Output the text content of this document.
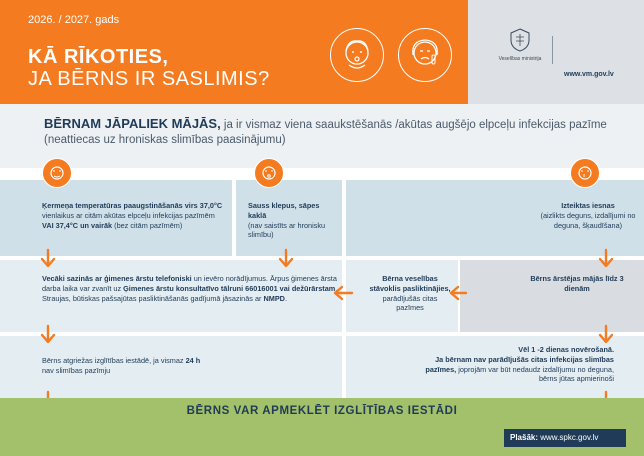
2026. / 2027. gads
KĀ RĪKOTIES,
JA BĒRNS IR SASLIMIS?
Veselības ministrija
www.vm.gov.lv
BĒRNAM JĀPALIEK MĀJĀS, ja ir vismaz viena saaukstēšanās /akūtas augšējo elpceļu infekcijas pazīme (neattiecas uz hroniskas slimības paasinājumu)
Ķermeņa temperatūras paaugstināšanās virs 37,0°C vienlaikus ar citām akūtas elpceļu infekcijas pazīmēm VAI 37,4°C un vairāk (bez citām pazīmēm)
Sauss klepus, sāpes kaklā
(nav saistīts ar hronisku slimību)
Izteiktas iesnas
(aizlikts deguns, izdalījumi no deguna, šķaudīšana)
Vecāki sazinās ar ģimenes ārstu telefoniski un ievēro norādījumus. Ārpus ģimenes ārsta darba laika var zvanīt uz Ģimenes ārstu konsultatīvo tālruni 66016001 vai dežūrārstam. Straujas, būtiskas pašsajūtas pasliktināšanās gadījumā jāsazinās ar NMPD.
Bērna veselības stāvoklis pasliktinājies, parādījušās citas pazīmes
Bērns ārstējas mājās līdz 3 dienām
Bērns atgriežas izglītības iestādē, ja vismaz 24 h nav slimības pazīmju
Vēl 1 -2 dienas novērošanā.
Ja bērnam nav parādījušās citas infekcijas slimības pazīmes, joprojām var būt nedaudz izdalījumu no deguna, bērns jūtas apmierinoši
BĒRNS VAR APMEKLĒT IZGLĪTĪBAS IESTĀDI
Plašāk: www.spkc.gov.lv
